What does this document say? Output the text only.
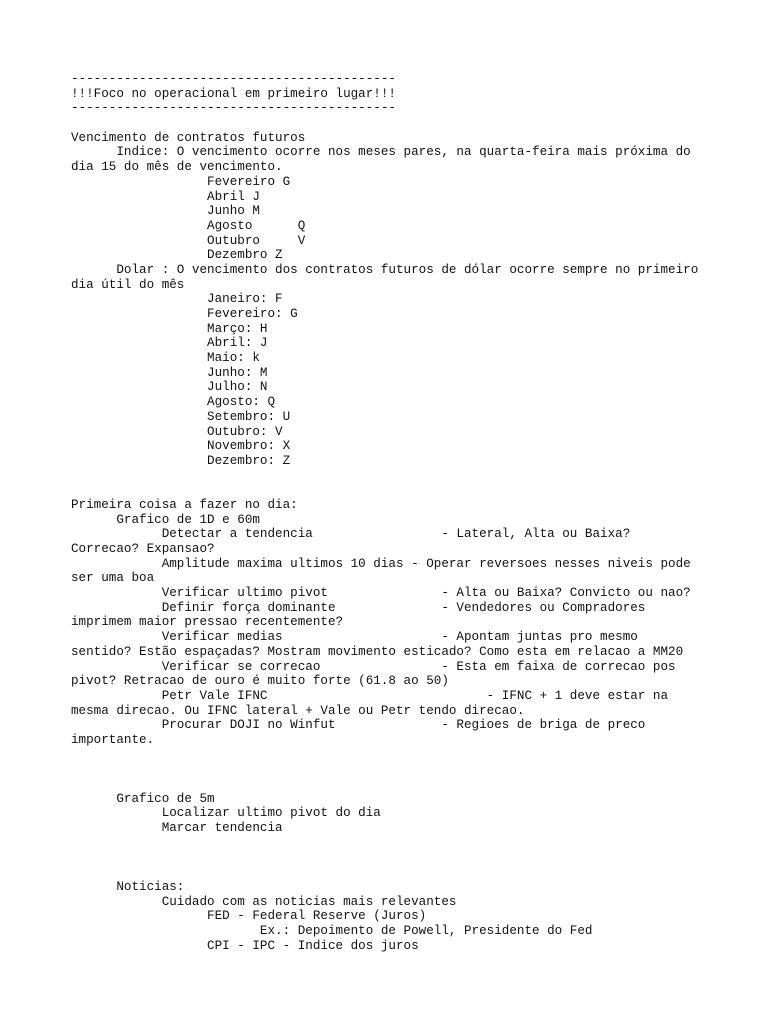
-------------------------------------------
!!!Foco no operacional em primeiro lugar!!!
-------------------------------------------
Vencimento de contratos futuros
Indice: O vencimento ocorre nos meses pares, na quarta-feira mais próxima do
dia 15 do mês de vencimento.
Fevereiro G
Abril J
Junho M
Agosto      Q
Outubro     V
Dezembro Z
Dolar : O vencimento dos contratos futuros de dólar ocorre sempre no primeiro
dia útil do mês
Janeiro: F
Fevereiro: G
Março: H
Abril: J
Maio: k
Junho: M
Julho: N
Agosto: Q
Setembro: U
Outubro: V
Novembro: X
Dezembro: Z
Primeira coisa a fazer no dia:
Grafico de 1D e 60m
Detectar a tendencia                 - Lateral, Alta ou Baixa?
Correcao? Expansao?
Amplitude maxima ultimos 10 dias - Operar reversoes nesses niveis pode
ser uma boa
Verificar ultimo pivot               - Alta ou Baixa? Convicto ou nao?
Definir força dominante              - Vendedores ou Compradores
imprimem maior pressao recentemente?
Verificar medias                     - Apontam juntas pro mesmo
sentido? Estão espaçadas? Mostram movimento esticado? Como esta em relacao a MM20
Verificar se correcao                - Esta em faixa de correcao pos
pivot? Retracao de ouro é muito forte (61.8 ao 50)
Petr Vale IFNC                             - IFNC + 1 deve estar na
mesma direcao. Ou IFNC lateral + Vale ou Petr tendo direcao.
Procurar DOJI no Winfut              - Regioes de briga de preco
importante.
Grafico de 5m
Localizar ultimo pivot do dia
Marcar tendencia
Noticias:
Cuidado com as noticias mais relevantes
FED - Federal Reserve (Juros)
Ex.: Depoimento de Powell, Presidente do Fed
CPI - IPC - Indice dos juros
